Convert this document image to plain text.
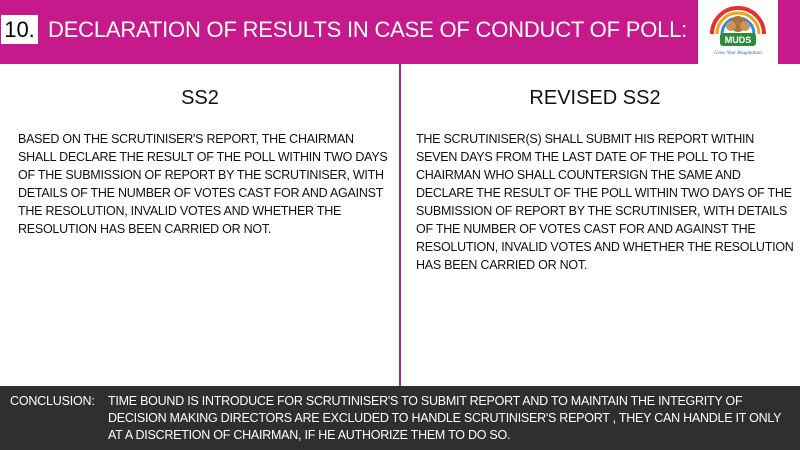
10. DECLARATION OF RESULTS IN CASE OF CONDUCT OF POLL:	MUDS
Grow Your Imagination
SS2
BASED ON THE SCRUTINISER'S REPORT, THE CHAIRMAN SHALL DECLARE THE RESULT OF THE POLL WITHIN TWO DAYS OF THE SUBMISSION OF REPORT BY THE SCRUTINISER, WITH DETAILS OF THE NUMBER OF VOTES CAST FOR AND AGAINST THE RESOLUTION, INVALID VOTES AND WHETHER THE RESOLUTION HAS BEEN CARRIED OR NOT.
REVISED SS2
THE SCRUTINISER(S) SHALL SUBMIT HIS REPORT WITHIN SEVEN DAYS FROM THE LAST DATE OF THE POLL TO THE CHAIRMAN WHO SHALL COUNTERSIGN THE SAME AND DECLARE THE RESULT OF THE POLL WITHIN TWO DAYS OF THE SUBMISSION OF REPORT BY THE SCRUTINISER, WITH DETAILS OF THE NUMBER OF VOTES CAST FOR AND AGAINST THE RESOLUTION, INVALID VOTES AND WHETHER THE RESOLUTION HAS BEEN CARRIED OR NOT.
CONCLUSION: TIME BOUND IS INTRODUCE FOR SCRUTINISER'S TO SUBMIT REPORT AND TO MAINTAIN THE INTEGRITY OF DECISION MAKING DIRECTORS ARE EXCLUDED TO HANDLE SCRUTINISER'S REPORT , THEY CAN HANDLE IT ONLY AT A DISCRETION OF CHAIRMAN, IF HE AUTHORIZE THEM TO DO SO.
